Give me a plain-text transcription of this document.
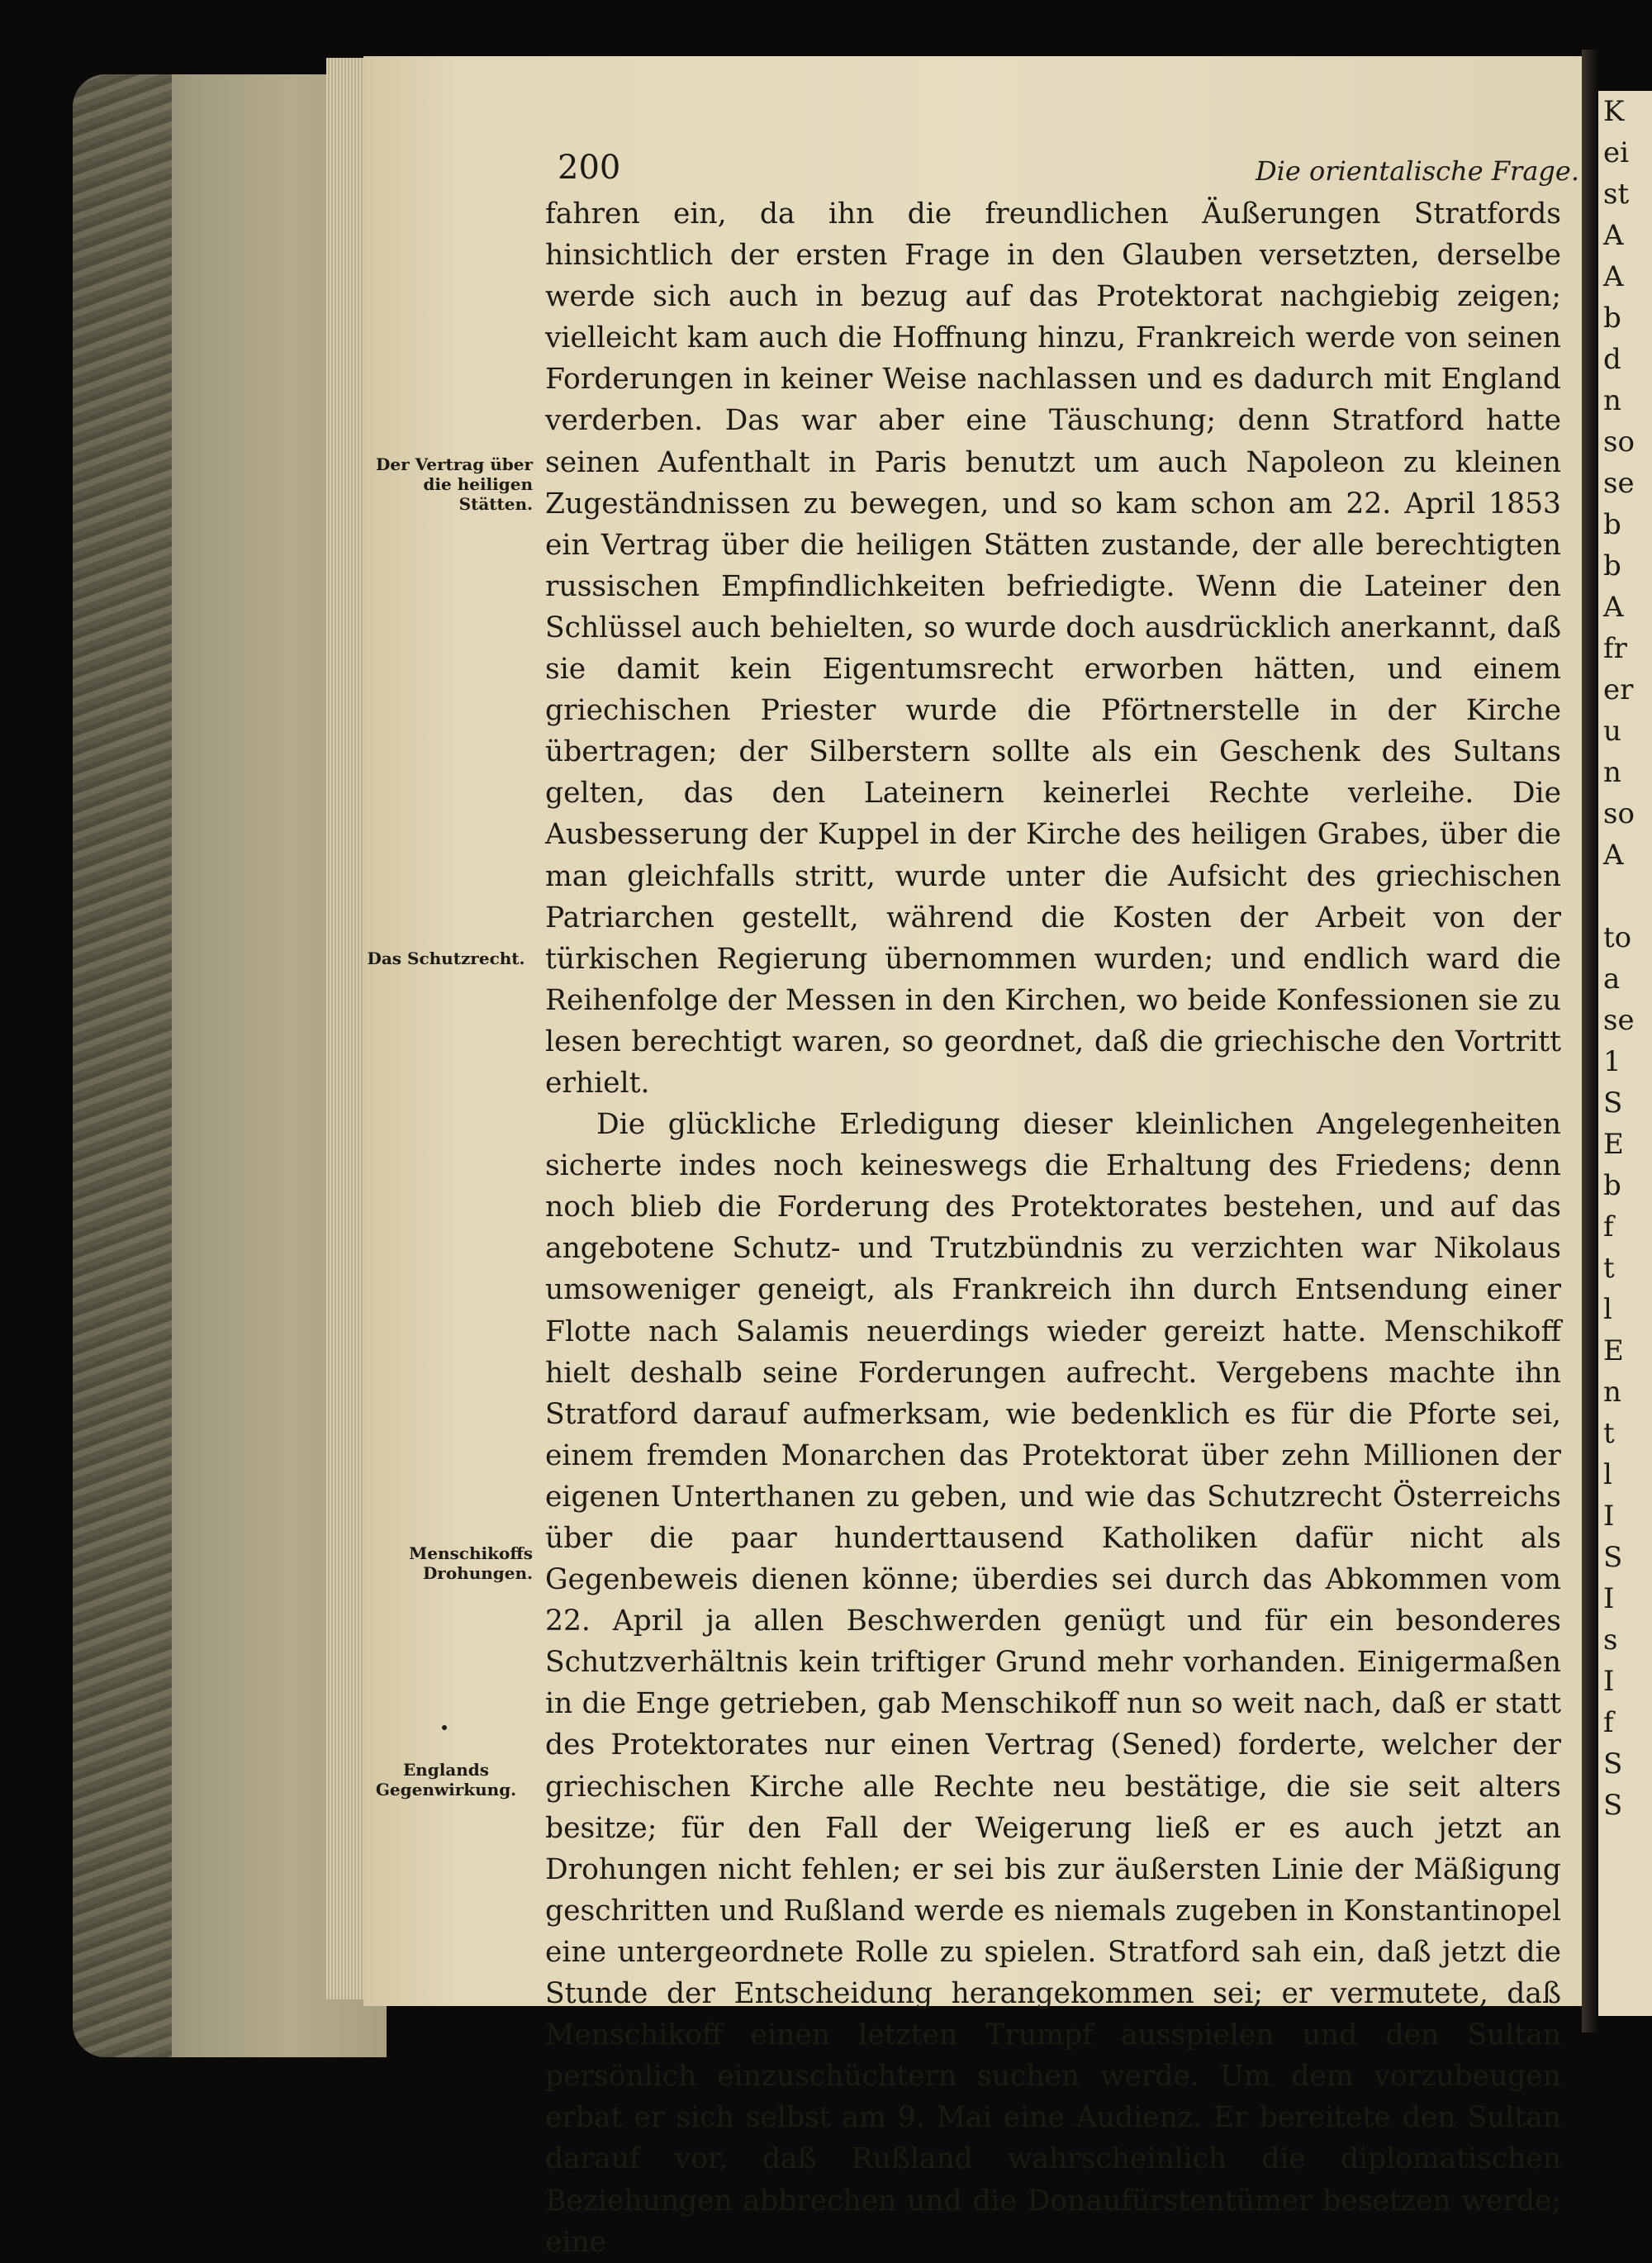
200	Die orientalische Frage.
Der Vertrag über die heiligen Stätten.
Das Schutzrecht.
Menschikoffs Drohungen.
Englands Gegenwirkung.

fahren ein, da ihn die freundlichen Äußerungen Stratfords hinsichtlich der ersten Frage in den Glauben versetzten, derselbe werde sich auch in bezug auf das Protektorat nachgiebig zeigen; vielleicht kam auch die Hoffnung hinzu, Frankreich werde von seinen Forderungen in keiner Weise nachlassen und es dadurch mit England verderben. Das war aber eine Täuschung; denn Stratford hatte seinen Aufenthalt in Paris benutzt um auch Napoleon zu kleinen Zugeständnissen zu bewegen, und so kam schon am 22. April 1853 ein Vertrag über die heiligen Stätten zustande, der alle berechtigten russischen Empfindlichkeiten befriedigte. Wenn die Lateiner den Schlüssel auch behielten, so wurde doch ausdrücklich anerkannt, daß sie damit kein Eigentumsrecht erworben hätten, und einem griechischen Priester wurde die Pförtnerstelle in der Kirche übertragen; der Silberstern sollte als ein Geschenk des Sultans gelten, das den Lateinern keinerlei Rechte verleihe. Die Ausbesserung der Kuppel in der Kirche des heiligen Grabes, über die man gleichfalls stritt, wurde unter die Aufsicht des griechischen Patriarchen gestellt, während die Kosten der Arbeit von der türkischen Regierung übernommen wurden; und endlich ward die Reihenfolge der Messen in den Kirchen, wo beide Konfessionen sie zu lesen berechtigt waren, so geordnet, daß die griechische den Vortritt erhielt.

Die glückliche Erledigung dieser kleinlichen Angelegenheiten sicherte indes noch keineswegs die Erhaltung des Friedens; denn noch blieb die Forderung des Protektorates bestehen, und auf das angebotene Schutz- und Trutzbündnis zu verzichten war Nikolaus umsoweniger geneigt, als Frankreich ihn durch Entsendung einer Flotte nach Salamis neuerdings wieder gereizt hatte. Menschikoff hielt deshalb seine Forderungen aufrecht. Vergebens machte ihn Stratford darauf aufmerksam, wie bedenklich es für die Pforte sei, einem fremden Monarchen das Protektorat über zehn Millionen der eigenen Unterthanen zu geben, und wie das Schutzrecht Österreichs über die paar hunderttausend Katholiken dafür nicht als Gegenbeweis dienen könne; überdies sei durch das Abkommen vom 22. April ja allen Beschwerden genügt und für ein besonderes Schutzverhältnis kein triftiger Grund mehr vorhanden. Einigermaßen in die Enge getrieben, gab Menschikoff nun so weit nach, daß er statt des Protektorates nur einen Vertrag (Sened) forderte, welcher der griechischen Kirche alle Rechte neu bestätige, die sie seit alters besitze; für den Fall der Weigerung ließ er es auch jetzt an Drohungen nicht fehlen; er sei bis zur äußersten Linie der Mäßigung geschritten und Rußland werde es niemals zugeben in Konstantinopel eine untergeordnete Rolle zu spielen. Stratford sah ein, daß jetzt die Stunde der Entscheidung herangekommen sei; er vermutete, daß Menschikoff einen letzten Trumpf ausspielen und den Sultan persönlich einzuschüchtern suchen werde. Um dem vorzubeugen erbat er sich selbst am 9. Mai eine Audienz. Er bereitete den Sultan darauf vor, daß Rußland wahrscheinlich die diplomatischen Beziehungen abbrechen und die Donaufürstentümer besetzen werde; eine

K
ei
st
A
A
b
d
n
so
se
b
b
A
fr
er
u
n
so
A
to
a
se
1
S
E
b
f
t
l
E
n
t
l
I
S
I
s
I
f
S
S
